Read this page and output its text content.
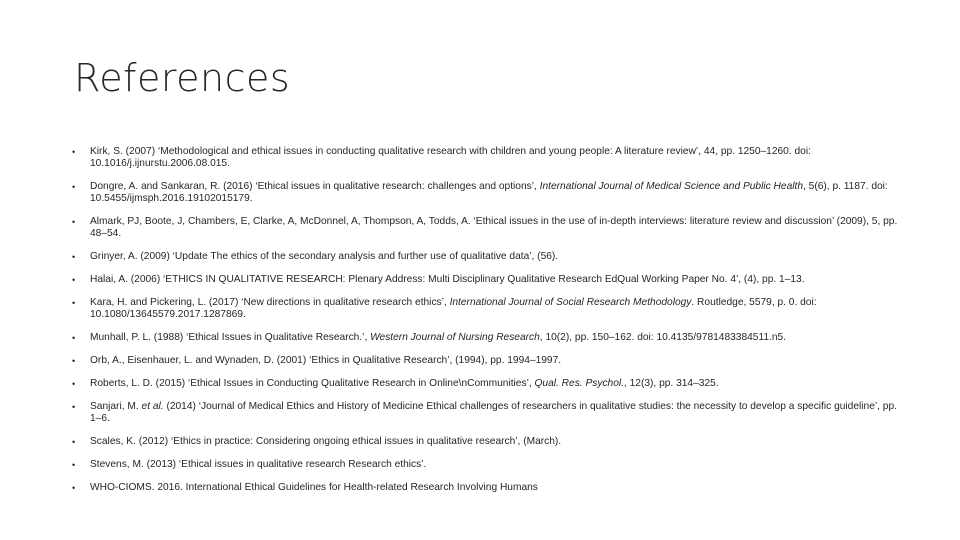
References
• Kirk, S. (2007) ‘Methodological and ethical issues in conducting qualitative research with children and young people: A literature review’, 44, pp. 1250–1260. doi: 10.1016/j.ijnurstu.2006.08.015.
• Dongre, A. and Sankaran, R. (2016) ‘Ethical issues in qualitative research: challenges and options’, International Journal of Medical Science and Public Health, 5(6), p. 1187. doi: 10.5455/ijmsph.2016.19102015179.
• Almark, PJ, Boote, J, Chambers, E, Clarke, A, McDonnel, A, Thompson, A, Todds, A. ‘Ethical issues in the use of in-depth interviews: literature review and discussion’ (2009), 5, pp. 48–54.
• Grinyer, A. (2009) ‘Update The ethics of the secondary analysis and further use of qualitative data’, (56).
• Halai, A. (2006) ‘ETHICS IN QUALITATIVE RESEARCH: Plenary Address: Multi Disciplinary Qualitative Research EdQual Working Paper No. 4’, (4), pp. 1–13.
• Kara, H. and Pickering, L. (2017) ‘New directions in qualitative research ethics’, International Journal of Social Research Methodology. Routledge, 5579, p. 0. doi: 10.1080/13645579.2017.1287869.
• Munhall, P. L. (1988) ‘Ethical Issues in Qualitative Research.’, Western Journal of Nursing Research, 10(2), pp. 150–162. doi: 10.4135/9781483384511.n5.
• Orb, A., Eisenhauer, L. and Wynaden, D. (2001) ‘Ethics in Qualitative Research’, (1994), pp. 1994–1997.
• Roberts, L. D. (2015) ‘Ethical Issues in Conducting Qualitative Research in Online\nCommunities’, Qual. Res. Psychol., 12(3), pp. 314–325.
• Sanjari, M. et al. (2014) ‘Journal of Medical Ethics and History of Medicine Ethical challenges of researchers in qualitative studies: the necessity to develop a specific guideline’, pp. 1–6.
• Scales, K. (2012) ‘Ethics in practice: Considering ongoing ethical issues in qualitative research’, (March).
• Stevens, M. (2013) ‘Ethical issues in qualitative research Research ethics’.
• WHO-CIOMS. 2016. International Ethical Guidelines for Health-related Research Involving Humans
